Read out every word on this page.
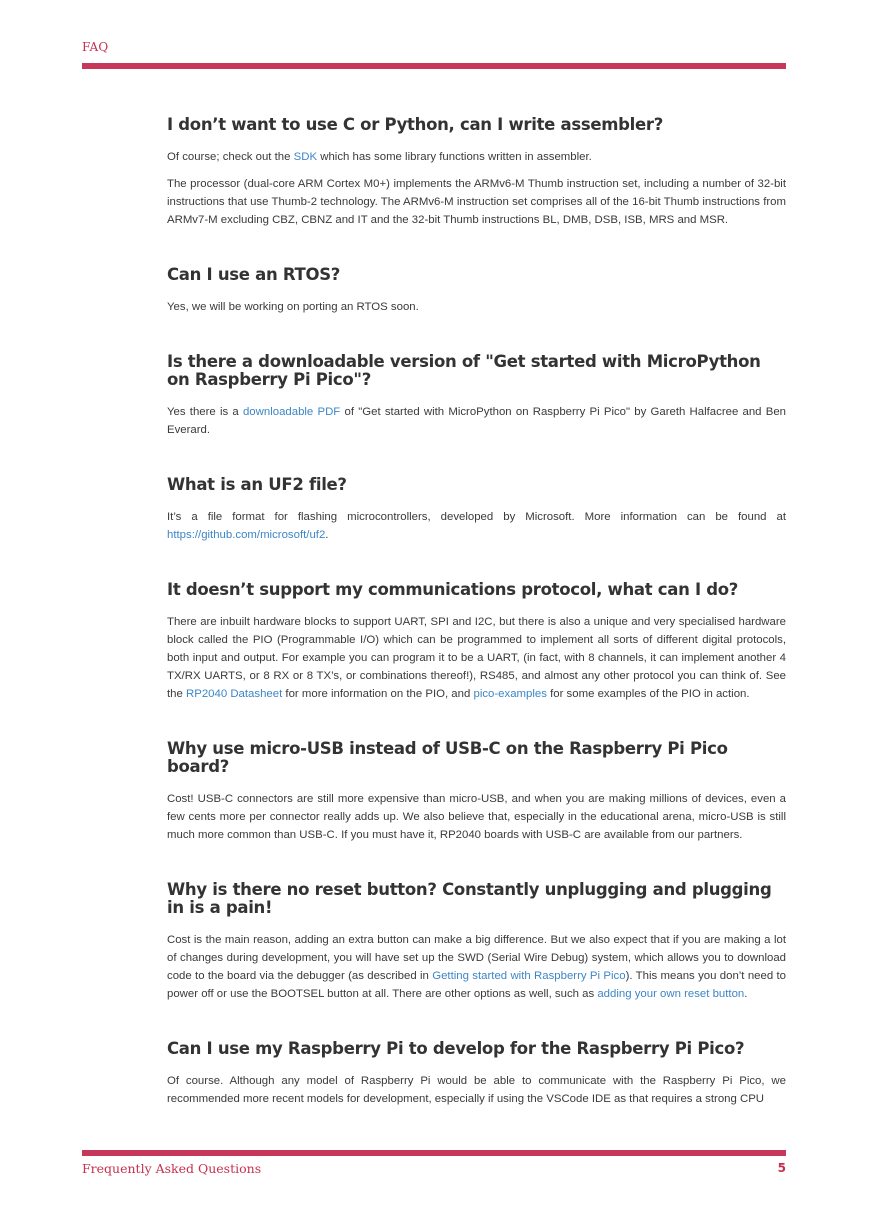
FAQ
I don’t want to use C or Python, can I write assembler?

Of course; check out the SDK which has some library functions written in assembler.

The processor (dual-core ARM Cortex M0+) implements the ARMv6-M Thumb instruction set, including a number of 32-bit instructions that use Thumb-2 technology. The ARMv6-M instruction set comprises all of the 16-bit Thumb instructions from ARMv7-M excluding CBZ, CBNZ and IT and the 32-bit Thumb instructions BL, DMB, DSB, ISB, MRS and MSR.

Can I use an RTOS?

Yes, we will be working on porting an RTOS soon.

Is there a downloadable version of "Get started with MicroPython on Raspberry Pi Pico"?

Yes there is a downloadable PDF of "Get started with MicroPython on Raspberry Pi Pico" by Gareth Halfacree and Ben Everard.

What is an UF2 file?

It’s a file format for flashing microcontrollers, developed by Microsoft. More information can be found at https://github.com/microsoft/uf2.

It doesn’t support my communications protocol, what can I do?

There are inbuilt hardware blocks to support UART, SPI and I2C, but there is also a unique and very specialised hardware block called the PIO (Programmable I/O) which can be programmed to implement all sorts of different digital protocols, both input and output. For example you can program it to be a UART, (in fact, with 8 channels, it can implement another 4 TX/RX UARTS, or 8 RX or 8 TX’s, or combinations thereof!), RS485, and almost any other protocol you can think of. See the RP2040 Datasheet for more information on the PIO, and pico-examples for some examples of the PIO in action.

Why use micro-USB instead of USB-C on the Raspberry Pi Pico board?

Cost! USB-C connectors are still more expensive than micro-USB, and when you are making millions of devices, even a few cents more per connector really adds up. We also believe that, especially in the educational arena, micro-USB is still much more common than USB-C. If you must have it, RP2040 boards with USB-C are available from our partners.

Why is there no reset button? Constantly unplugging and plugging in is a pain!

Cost is the main reason, adding an extra button can make a big difference. But we also expect that if you are making a lot of changes during development, you will have set up the SWD (Serial Wire Debug) system, which allows you to download code to the board via the debugger (as described in Getting started with Raspberry Pi Pico). This means you don’t need to power off or use the BOOTSEL button at all. There are other options as well, such as adding your own reset button.

Can I use my Raspberry Pi to develop for the Raspberry Pi Pico?

Of course. Although any model of Raspberry Pi would be able to communicate with the Raspberry Pi Pico, we recommended more recent models for development, especially if using the VSCode IDE as that requires a strong CPU

Frequently Asked Questions	5
